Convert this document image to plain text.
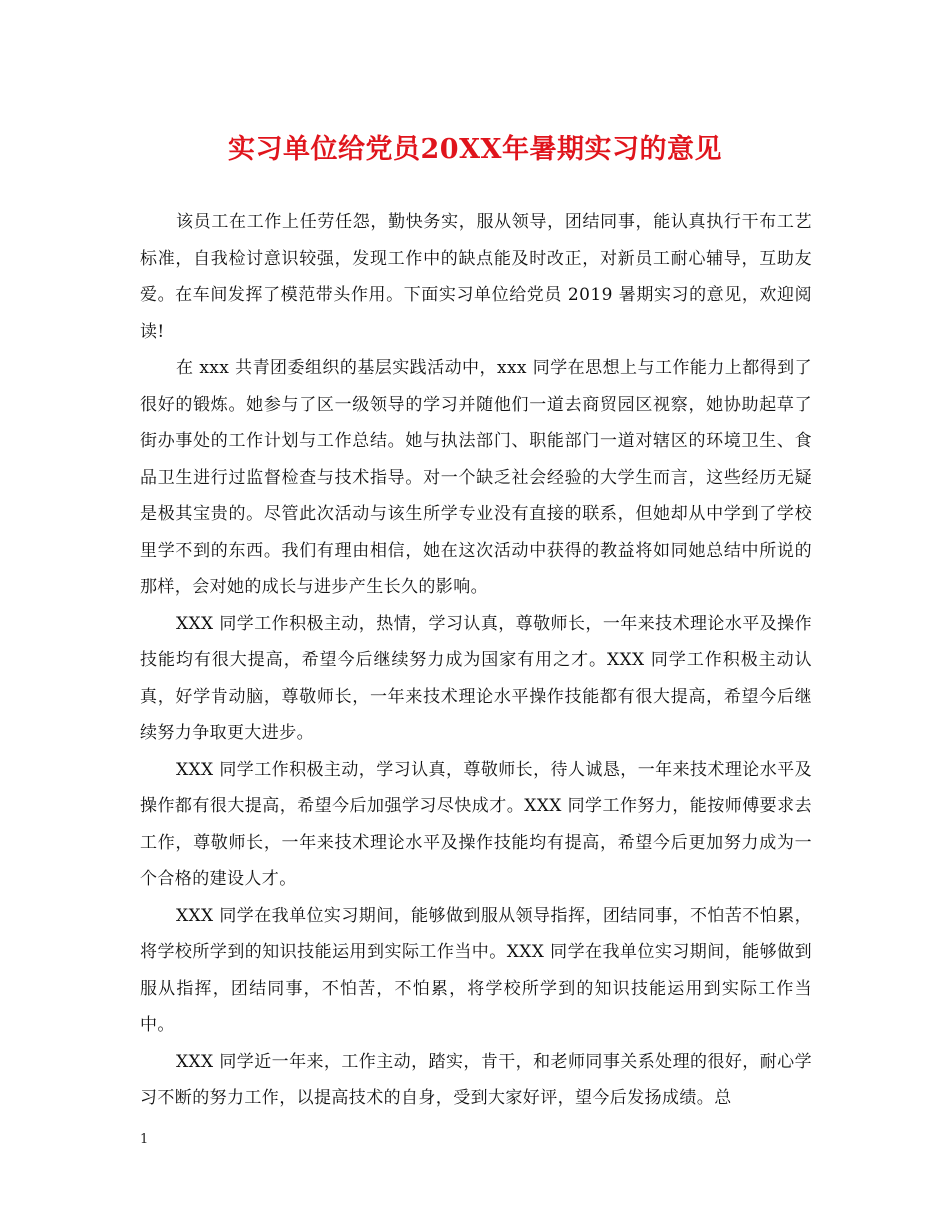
实习单位给党员20XX年暑期实习的意见

该员工在工作上任劳任怨，勤快务实，服从领导，团结同事，能认真执行干布工艺标准，自我检讨意识较强，发现工作中的缺点能及时改正，对新员工耐心辅导，互助友爱。在车间发挥了模范带头作用。下面实习单位给党员 2019 暑期实习的意见，欢迎阅读!

在 xxx 共青团委组织的基层实践活动中，xxx 同学在思想上与工作能力上都得到了很好的锻炼。她参与了区一级领导的学习并随他们一道去商贸园区视察，她协助起草了街办事处的工作计划与工作总结。她与执法部门、职能部门一道对辖区的环境卫生、食品卫生进行过监督检查与技术指导。对一个缺乏社会经验的大学生而言，这些经历无疑是极其宝贵的。尽管此次活动与该生所学专业没有直接的联系，但她却从中学到了学校里学不到的东西。我们有理由相信，她在这次活动中获得的教益将如同她总结中所说的那样，会对她的成长与进步产生长久的影响。

XXX 同学工作积极主动，热情，学习认真，尊敬师长，一年来技术理论水平及操作技能均有很大提高，希望今后继续努力成为国家有用之才。XXX 同学工作积极主动认真，好学肯动脑，尊敬师长，一年来技术理论水平操作技能都有很大提高，希望今后继续努力争取更大进步。

XXX 同学工作积极主动，学习认真，尊敬师长，待人诚恳，一年来技术理论水平及操作都有很大提高，希望今后加强学习尽快成才。XXX 同学工作努力，能按师傅要求去工作，尊敬师长，一年来技术理论水平及操作技能均有提高，希望今后更加努力成为一个合格的建设人才。

XXX 同学在我单位实习期间，能够做到服从领导指挥，团结同事，不怕苦不怕累，将学校所学到的知识技能运用到实际工作当中。XXX 同学在我单位实习期间，能够做到服从指挥，团结同事，不怕苦，不怕累，将学校所学到的知识技能运用到实际工作当中。

XXX 同学近一年来，工作主动，踏实，肯干，和老师同事关系处理的很好，耐心学习不断的努力工作，以提高技术的自身，受到大家好评，望今后发扬成绩。总

1
